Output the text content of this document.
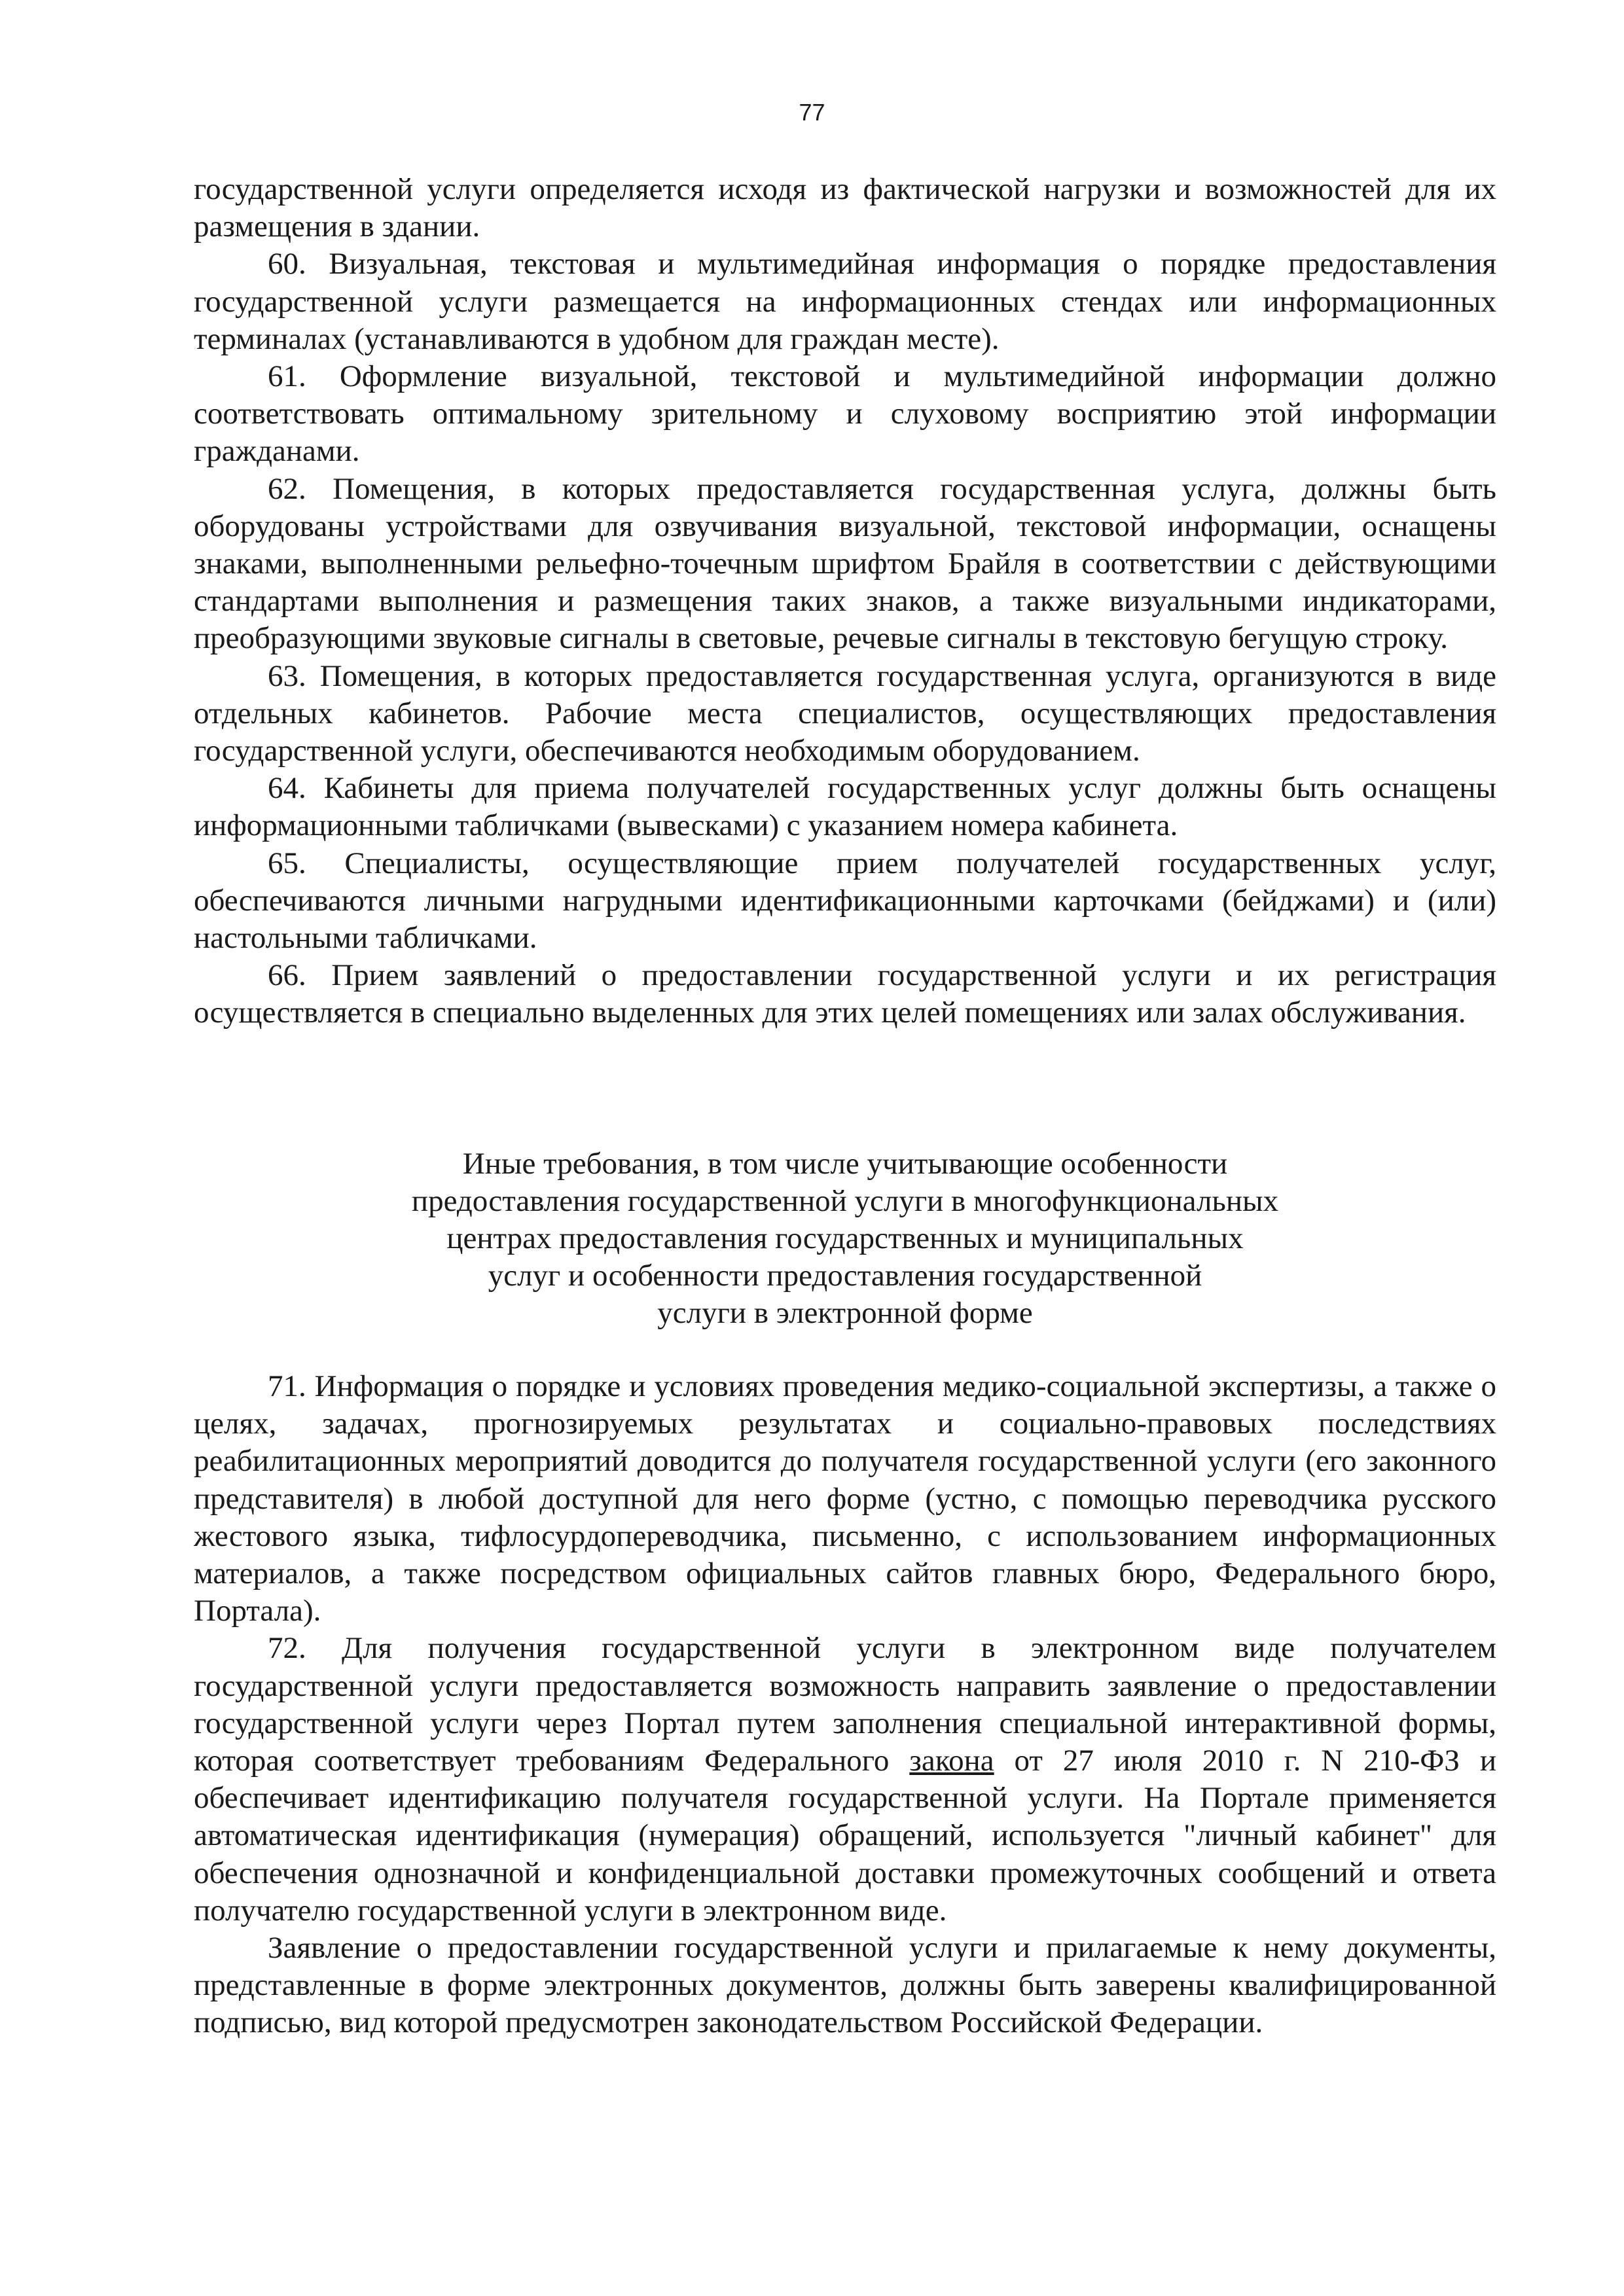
77

государственной услуги определяется исходя из фактической нагрузки и возможностей для их размещения в здании.

60. Визуальная, текстовая и мультимедийная информация о порядке предоставления государственной услуги размещается на информационных стендах или информационных терминалах (устанавливаются в удобном для граждан месте).

61. Оформление визуальной, текстовой и мультимедийной информации должно соответствовать оптимальному зрительному и слуховому восприятию этой информации гражданами.

62. Помещения, в которых предоставляется государственная услуга, должны быть оборудованы устройствами для озвучивания визуальной, текстовой информации, оснащены знаками, выполненными рельефно-точечным шрифтом Брайля в соответствии с действующими стандартами выполнения и размещения таких знаков, а также визуальными индикаторами, преобразующими звуковые сигналы в световые, речевые сигналы в текстовую бегущую строку.

63. Помещения, в которых предоставляется государственная услуга, организуются в виде отдельных кабинетов. Рабочие места специалистов, осуществляющих предоставления государственной услуги, обеспечиваются необходимым оборудованием.

64. Кабинеты для приема получателей государственных услуг должны быть оснащены информационными табличками (вывесками) с указанием номера кабинета.

65. Специалисты, осуществляющие прием получателей государственных услуг, обеспечиваются личными нагрудными идентификационными карточками (бейджами) и (или) настольными табличками.

66. Прием заявлений о предоставлении государственной услуги и их регистрация осуществляется в специально выделенных для этих целей помещениях или залах обслуживания.

Иные требования, в том числе учитывающие особенности
предоставления государственной услуги в многофункциональных
центрах предоставления государственных и муниципальных
услуг и особенности предоставления государственной
услуги в электронной форме

71. Информация о порядке и условиях проведения медико-социальной экспертизы, а также о целях, задачах, прогнозируемых результатах и социально-правовых последствиях реабилитационных мероприятий доводится до получателя государственной услуги (его законного представителя) в любой доступной для него форме (устно, с помощью переводчика русского жестового языка, тифлосурдопереводчика, письменно, с использованием информационных материалов, а также посредством официальных сайтов главных бюро, Федерального бюро, Портала).

72. Для получения государственной услуги в электронном виде получателем государственной услуги предоставляется возможность направить заявление о предоставлении государственной услуги через Портал путем заполнения специальной интерактивной формы, которая соответствует требованиям Федерального закона от 27 июля 2010 г. N 210-ФЗ и обеспечивает идентификацию получателя государственной услуги. На Портале применяется автоматическая идентификация (нумерация) обращений, используется "личный кабинет" для обеспечения однозначной и конфиденциальной доставки промежуточных сообщений и ответа получателю государственной услуги в электронном виде.

Заявление о предоставлении государственной услуги и прилагаемые к нему документы, представленные в форме электронных документов, должны быть заверены квалифицированной подписью, вид которой предусмотрен законодательством Российской Федерации.
